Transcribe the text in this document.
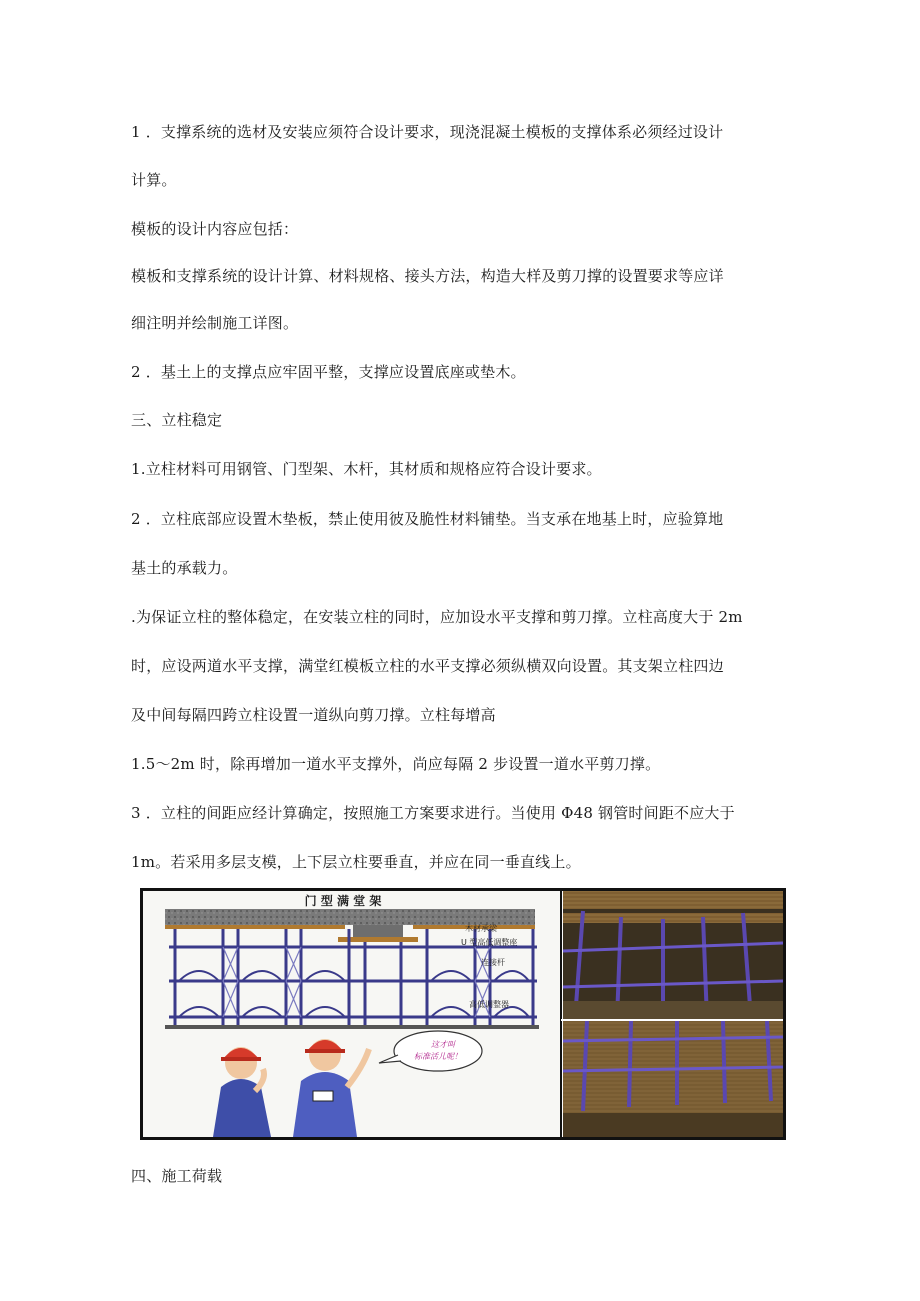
1 ．支撑系统的选材及安装应须符合设计要求，现浇混凝土模板的支撑体系必须经过设计
计算。
模板的设计内容应包括：
模板和支撑系统的设计计算、材料规格、接头方法，构造大样及剪刀撑的设置要求等应详
细注明并绘制施工详图。
2 ．基土上的支撑点应牢固平整，支撑应设置底座或垫木。
三、立柱稳定
1.立柱材料可用钢管、门型架、木杆，其材质和规格应符合设计要求。
2 ．立柱底部应设置木垫板，禁止使用彼及脆性材料铺垫。当支承在地基上时，应验算地
基土的承载力。
.为保证立柱的整体稳定，在安装立柱的同时，应加设水平支撑和剪刀撑。立柱高度大于 2m
时，应设两道水平支撑，满堂红模板立柱的水平支撑必须纵横双向设置。其支架立柱四边
及中间每隔四跨立柱设置一道纵向剪刀撑。立柱每增高
1.5～2m 时，除再增加一道水平支撑外，尚应每隔 2 步设置一道水平剪刀撑。
3 ．立柱的间距应经计算确定，按照施工方案要求进行。当使用 Φ48 钢管时间距不应大于
1m。若采用多层支模，上下层立柱要垂直，并应在同一垂直线上。
门 型 满 堂 架
木材承梁
U 型高低调整座
连接杆
高低调整器
这才叫
标准活儿呢！
四、施工荷载
